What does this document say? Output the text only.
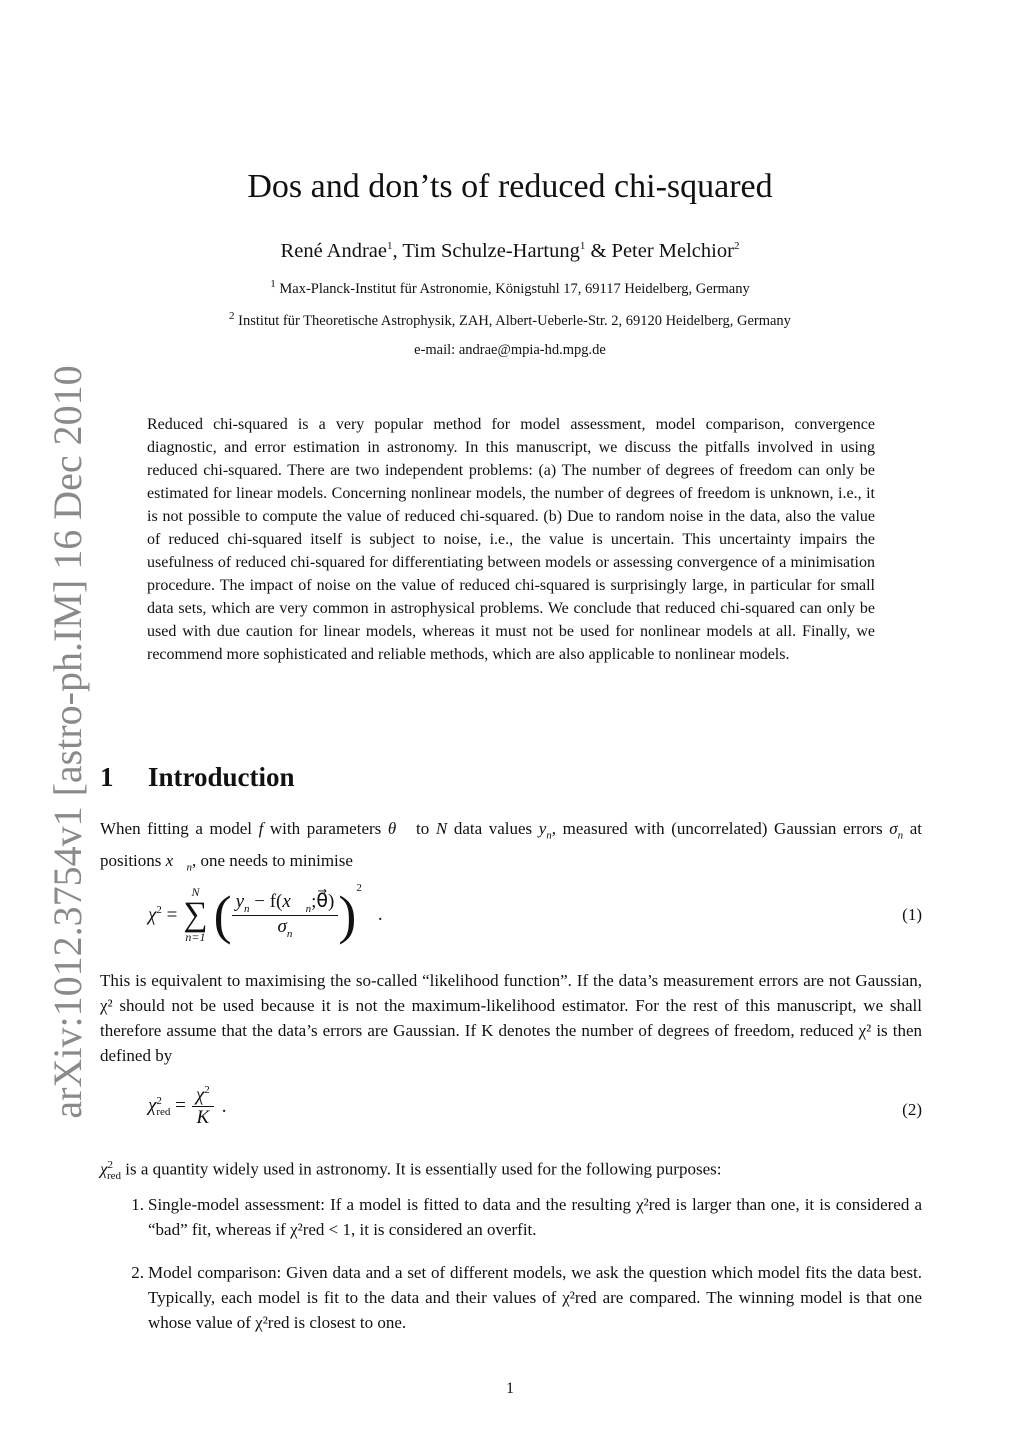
arXiv:1012.3754v1 [astro-ph.IM] 16 Dec 2010
Dos and don’ts of reduced chi-squared
René Andrae$^1$, Tim Schulze-Hartung$^1$ & Peter Melchior$^2$
$^1$ Max-Planck-Institut für Astronomie, Königstuhl 17, 69117 Heidelberg, Germany
$^2$ Institut für Theoretische Astrophysik, ZAH, Albert-Ueberle-Str. 2, 69120 Heidelberg, Germany
e-mail: andrae@mpia-hd.mpg.de

Reduced chi-squared is a very popular method for model assessment, model comparison, convergence diagnostic, and error estimation in astronomy. In this manuscript, we discuss the pitfalls involved in using reduced chi-squared. There are two independent problems: (a) The number of degrees of freedom can only be estimated for linear models. Concerning nonlinear models, the number of degrees of freedom is unknown, i.e., it is not possible to compute the value of reduced chi-squared. (b) Due to random noise in the data, also the value of reduced chi-squared itself is subject to noise, i.e., the value is uncertain. This uncertainty impairs the usefulness of reduced chi-squared for differentiating between models or assessing convergence of a minimisation procedure. The impact of noise on the value of reduced chi-squared is surprisingly large, in particular for small data sets, which are very common in astrophysical problems. We conclude that reduced chi-squared can only be used with due caution for linear models, whereas it must not be used for nonlinear models at all. Finally, we recommend more sophisticated and reliable methods, which are also applicable to nonlinear models.

1 Introduction

When fitting a model f with parameters θ⃗ to N data values $y_n$, measured with (uncorrelated) Gaussian errors $\sigma_n$ at positions $x⃗_n$, one needs to minimise

$\chi^2$ =
N
∑
n=1 ( $\frac{y_n - f(x⃗_n;\theta⃗)}{\sigma_n} )^2$
.	(1)

This is equivalent to maximising the so-called “likelihood function”. If the data’s measurement errors are not Gaussian, χ² should not be used because it is not the maximum-likelihood estimator. For the rest of this manuscript, we shall therefore assume that the data’s errors are Gaussian. If K denotes the number of degrees of freedom, reduced χ² is then defined by

χ 2
red = $\frac{\chi^2}{K}$ .	(2)

$\chi^2_{red}$ is a quantity widely used in astronomy. It is essentially used for the following purposes:

1. Single-model assessment: If a model is fitted to data and the resulting χ²red is larger than one, it is considered a “bad” fit, whereas if χ²red < 1, it is considered an overfit.
2. Model comparison: Given data and a set of different models, we ask the question which model fits the data best. Typically, each model is fit to the data and their values of χ²red are compared. The winning model is that one whose value of χ²red is closest to one.
1
